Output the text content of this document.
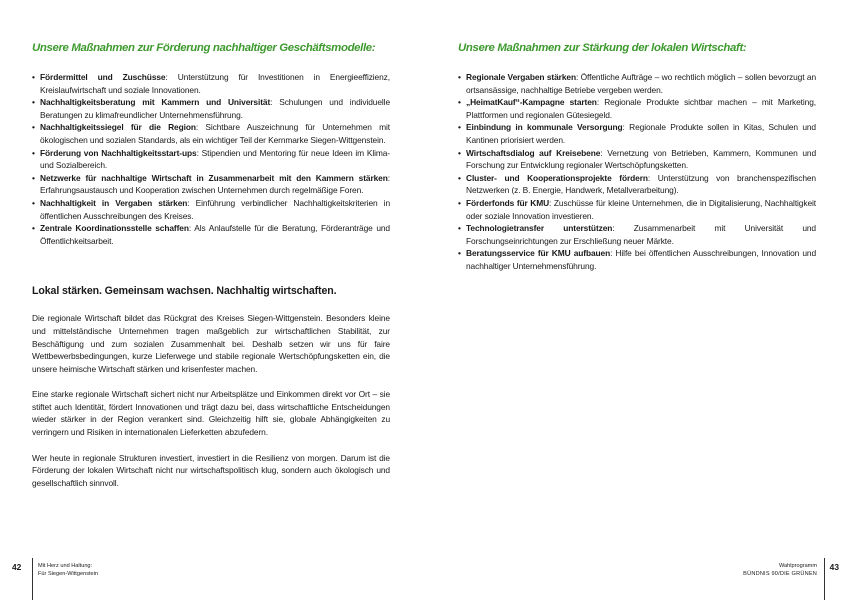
Unsere Maßnahmen zur Förderung nachhaltiger Geschäftsmodelle:
• Fördermittel und Zuschüsse: Unterstützung für Investitionen in Energieeffizienz, Kreislaufwirtschaft und soziale Innovationen.
• Nachhaltigkeitsberatung mit Kammern und Universität: Schulungen und individuelle Beratungen zu klimafreundlicher Unternehmensführung.
• Nachhaltigkeitssiegel für die Region: Sichtbare Auszeichnung für Unternehmen mit ökologischen und sozialen Standards, als ein wichtiger Teil der Kernmarke Siegen-Wittgenstein.
• Förderung von Nachhaltigkeitsstart-ups: Stipendien und Mentoring für neue Ideen im Klima- und Sozialbereich.
• Netzwerke für nachhaltige Wirtschaft in Zusammenarbeit mit den Kammern stärken: Erfahrungsaustausch und Kooperation zwischen Unternehmen durch regelmäßige Foren.
• Nachhaltigkeit in Vergaben stärken: Einführung verbindlicher Nachhaltigkeitskriterien in öffentlichen Ausschreibungen des Kreises.
• Zentrale Koordinationsstelle schaffen: Als Anlaufstelle für die Beratung, Förderanträge und Öffentlichkeitsarbeit.
Lokal stärken. Gemeinsam wachsen. Nachhaltig wirtschaften.

Die regionale Wirtschaft bildet das Rückgrat des Kreises Siegen-Wittgenstein. Besonders kleine und mittelständische Unternehmen tragen maßgeblich zur wirtschaftlichen Stabilität, zur Beschäftigung und zum sozialen Zusammenhalt bei. Deshalb setzen wir uns für faire Wettbewerbsbedingungen, kurze Lieferwege und stabile regionale Wertschöpfungsketten ein, die unsere heimische Wirtschaft stärken und krisenfester machen.

Eine starke regionale Wirtschaft sichert nicht nur Arbeitsplätze und Einkommen direkt vor Ort – sie stiftet auch Identität, fördert Innovationen und trägt dazu bei, dass wirtschaftliche Entscheidungen wieder stärker in der Region verankert sind. Gleichzeitig hilft sie, globale Abhängigkeiten zu verringern und Risiken in internationalen Lieferketten abzufedern.

Wer heute in regionale Strukturen investiert, investiert in die Resilienz von morgen. Darum ist die Förderung der lokalen Wirtschaft nicht nur wirtschaftspolitisch klug, sondern auch ökologisch und gesellschaftlich sinnvoll.

42	Mit Herz und Haltung:
Für Siegen-Wittgenstein
Unsere Maßnahmen zur Stärkung der lokalen Wirtschaft:
• Regionale Vergaben stärken: Öffentliche Aufträge – wo rechtlich möglich – sollen bevorzugt an ortsansässige, nachhaltige Betriebe vergeben werden.
• „HeimatKauf“-Kampagne starten: Regionale Produkte sichtbar machen – mit Marketing, Plattformen und regionalen Gütesiegeld.
• Einbindung in kommunale Versorgung: Regionale Produkte sollen in Kitas, Schulen und Kantinen priorisiert werden.
• Wirtschaftsdialog auf Kreisebene: Vernetzung von Betrieben, Kammern, Kommunen und Forschung zur Entwicklung regionaler Wertschöpfungsketten.
• Cluster- und Kooperationsprojekte fördern: Unterstützung von branchenspezifischen Netzwerken (z. B. Energie, Handwerk, Metallverarbeitung).
• Förderfonds für KMU: Zuschüsse für kleine Unternehmen, die in Digitalisierung, Nachhaltigkeit oder soziale Innovation investieren.
• Technologietransfer unterstützen: Zusammenarbeit mit Universität und Forschungseinrichtungen zur Erschließung neuer Märkte.
• Beratungsservice für KMU aufbauen: Hilfe bei öffentlichen Ausschreibungen, Innovation und nachhaltiger Unternehmensführung.
Wahlprogramm
BÜNDNIS 90/DIE GRÜNEN
43
